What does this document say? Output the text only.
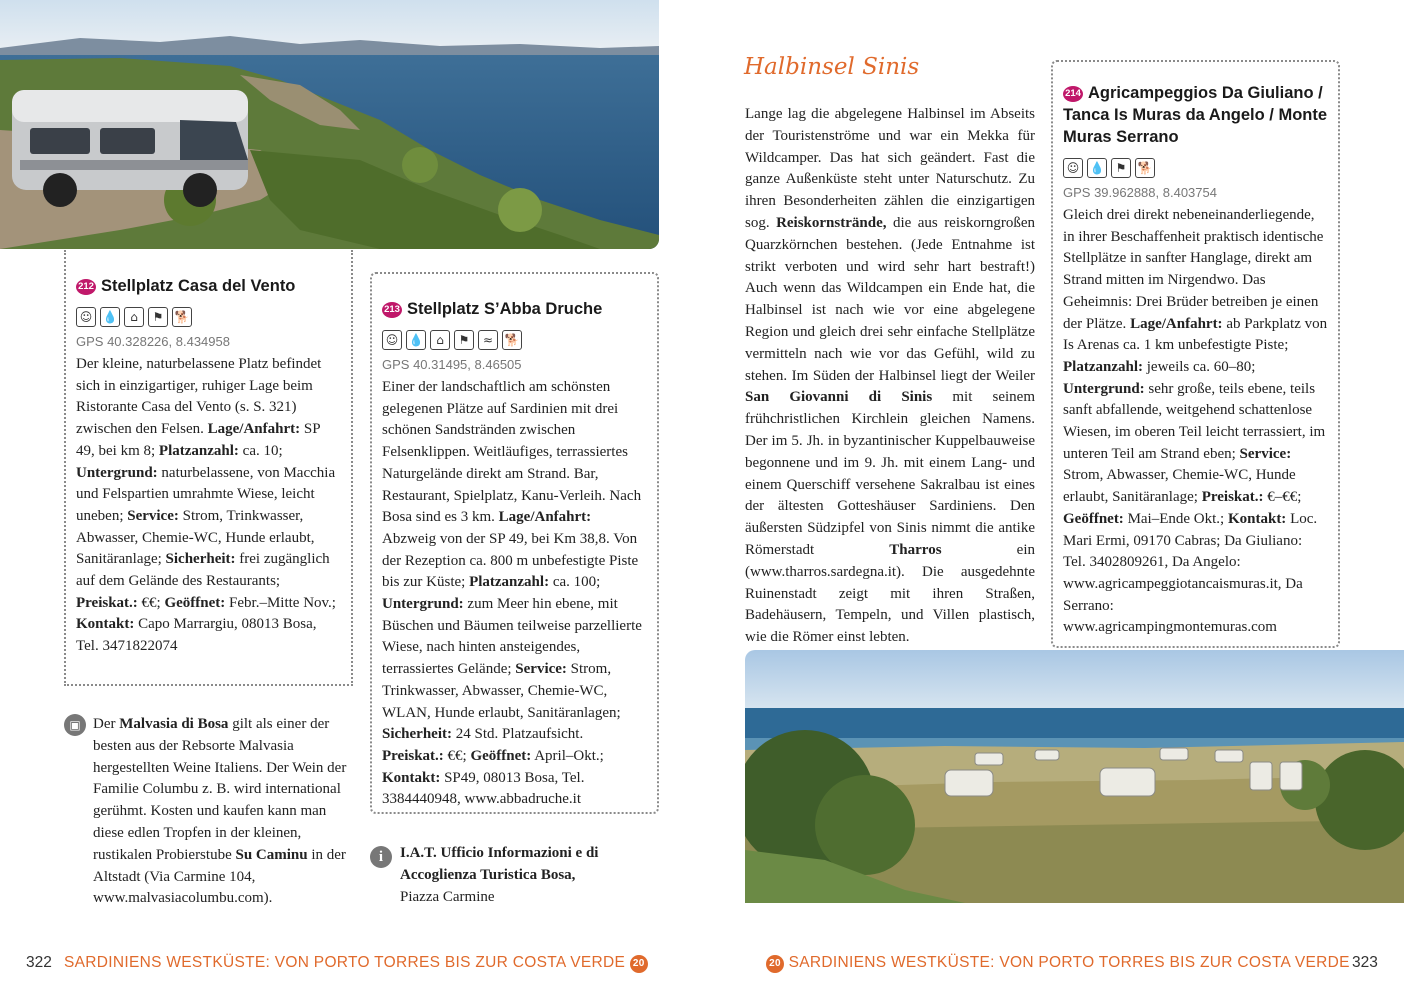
212 Stellplatz Casa del Vento
☺ 💧	⌂	⚑ 🐕
GPS 40.328226, 8.434958
Der kleine, naturbelassene Platz befindet sich in einzigartiger, ruhiger Lage beim Ristorante Casa del Vento (s. S. 321) zwischen den Felsen. Lage/Anfahrt: SP 49, bei km 8; Platzanzahl: ca. 10; Untergrund: naturbelassene, von Macchia und Felspartien umrahmte Wiese, leicht uneben; Service: Strom, Trinkwasser, Abwasser, Chemie-WC, Hunde erlaubt, Sanitäranlage; Sicherheit: frei zugänglich auf dem Gelände des Restaurants; Preiskat.: €€; Geöffnet: Febr.–Mitte Nov.; Kontakt: Capo Marrargiu, 08013 Bosa, Tel. 3471822074
213 Stellplatz S’Abba Druche
☺ 💧	⌂	⚑	≈ 🐕
GPS 40.31495, 8.46505
Einer der landschaftlich am schönsten gelegenen Plätze auf Sardinien mit drei schönen Sandstränden zwischen Felsenklippen. Weitläufiges, terrassiertes Naturgelände direkt am Strand. Bar, Restaurant, Spielplatz, Kanu-Verleih. Nach Bosa sind es 3 km. Lage/Anfahrt: Abzweig von der SP 49, bei Km 38,8. Von der Rezeption ca. 800 m unbefestigte Piste bis zur Küste; Platzanzahl: ca. 100; Untergrund: zum Meer hin ebene, mit Büschen und Bäumen teilweise parzellierte Wiese, nach hinten ansteigendes, terrassiertes Gelände; Service: Strom, Trinkwasser, Abwasser, Chemie-WC, WLAN, Hunde erlaubt, Sanitäranlagen; Sicherheit: 24 Std. Platzaufsicht. Preiskat.: €€; Geöffnet: April–Okt.; Kontakt: SP49, 08013 Bosa, Tel. 3384440948, www.abbadruche.it
▣ Der Malvasia di Bosa gilt als einer der besten aus der Rebsorte Malvasia hergestellten Weine Italiens. Der Wein der Familie Columbu z. B. wird international gerühmt. Kosten und kaufen kann man diese edlen Tropfen in der kleinen, rustikalen Probierstube Su Caminu in der Altstadt (Via Carmine 104, www.malvasiacolumbu.com).
i	I.A.T. Ufficio Informazioni e di Accoglienza Turistica Bosa,
Piazza Carmine
322 SARDINIENS WESTKÜSTE: VON PORTO TORRES BIS ZUR COSTA VERDE 20
Halbinsel Sinis
Lange lag die abgelegene Halbinsel im Abseits der Touristenströme und war ein Mekka für Wildcamper. Das hat sich geändert. Fast die ganze Außenküste steht unter Naturschutz. Zu ihren Besonderheiten zählen die einzigartigen sog. Reiskornstrände, die aus reiskorngroßen Quarzkörnchen bestehen. (Jede Entnahme ist strikt verboten und wird sehr hart bestraft!) Auch wenn das Wildcampen ein Ende hat, die Halbinsel ist nach wie vor eine abgelegene Region und gleich drei sehr einfache Stellplätze vermitteln nach wie vor das Gefühl, wild zu stehen. Im Süden der Halbinsel liegt der Weiler San Giovanni di Sinis mit seinem frühchristlichen Kirchlein gleichen Namens. Der im 5. Jh. in byzantinischer Kuppelbauweise begonnene und im 9. Jh. mit einem Lang- und einem Querschiff versehene Sakralbau ist eines der ältesten Gotteshäuser Sardiniens. Den äußersten Südzipfel von Sinis nimmt die antike Römerstadt Tharros ein (www.tharros.sardegna.it). Die ausgedehnte Ruinenstadt zeigt mit ihren Straßen, Badehäusern, Tempeln, und Villen plastisch, wie die Römer einst lebten.
214 Agricampeggios Da Giuliano / Tanca Is Muras da Angelo / Monte Muras Serrano
☺ 💧 ⚑ 🐕
GPS 39.962888, 8.403754
Gleich drei direkt nebeneinanderliegende, in ihrer Beschaffenheit praktisch identische Stellplätze in sanfter Hanglage, direkt am Strand mitten im Nirgendwo. Das Geheimnis: Drei Brüder betreiben je einen der Plätze. Lage/Anfahrt: ab Parkplatz von Is Arenas ca. 1 km unbefestigte Piste; Platzanzahl: jeweils ca. 60–80; Untergrund: sehr große, teils ebene, teils sanft abfallende, weitgehend schattenlose Wiesen, im oberen Teil leicht terrassiert, im unteren Teil am Strand eben; Service: Strom, Abwasser, Chemie-WC, Hunde erlaubt, Sanitäranlage; Preiskat.: €–€€; Geöffnet: Mai–Ende Okt.; Kontakt: Loc. Mari Ermi, 09170 Cabras; Da Giuliano: Tel. 3402809261, Da Angelo: www.agricampeggiotancaismuras.it, Da Serrano: www.agricampingmontemuras.com
20 SARDINIENS WESTKÜSTE: VON PORTO TORRES BIS ZUR COSTA VERDE 323
